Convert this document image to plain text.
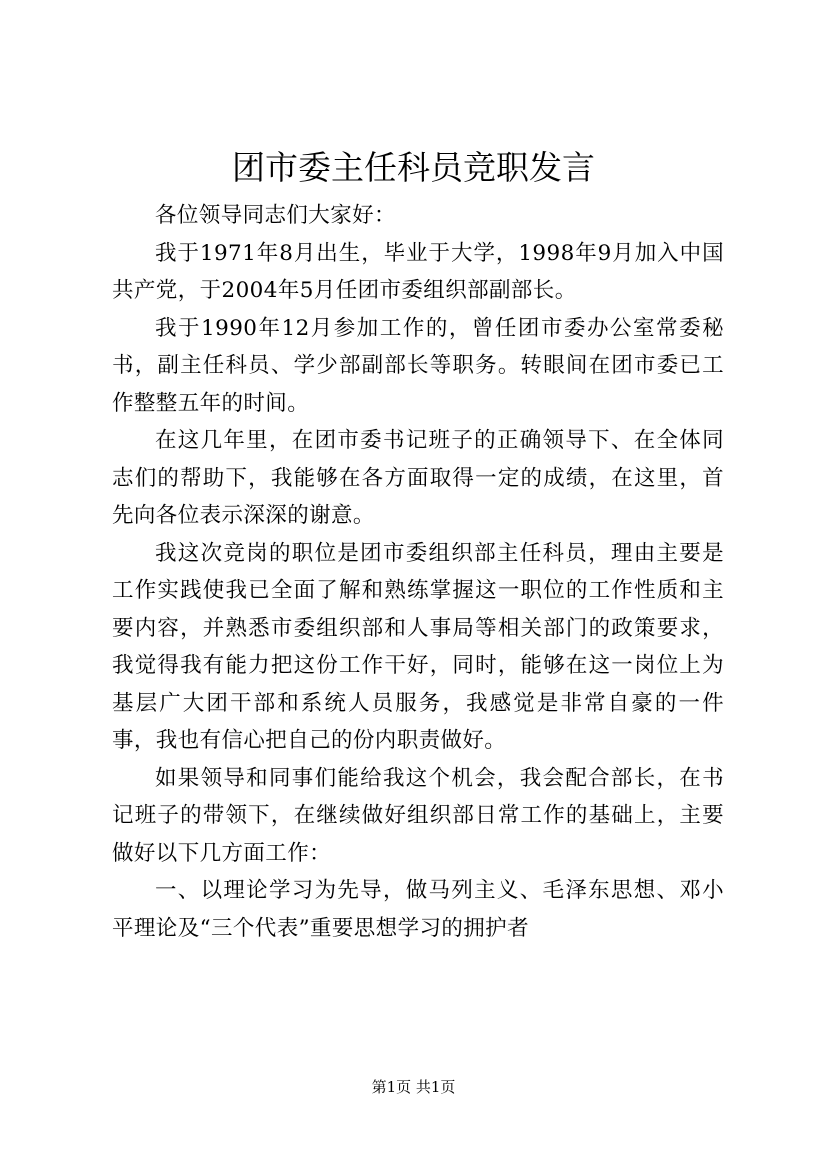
团市委主任科员竞职发言

各位领导同志们大家好：

我于1971年8月出生，毕业于大学，1998年9月加入中国共产党，于2004年5月任团市委组织部副部长。

我于1990年12月参加工作的，曾任团市委办公室常委秘书，副主任科员、学少部副部长等职务。转眼间在团市委已工作整整五年的时间。

在这几年里，在团市委书记班子的正确领导下、在全体同志们的帮助下，我能够在各方面取得一定的成绩，在这里，首先向各位表示深深的谢意。

我这次竞岗的职位是团市委组织部主任科员，理由主要是工作实践使我已全面了解和熟练掌握这一职位的工作性质和主要内容，并熟悉市委组织部和人事局等相关部门的政策要求，我觉得我有能力把这份工作干好，同时，能够在这一岗位上为基层广大团干部和系统人员服务，我感觉是非常自豪的一件事，我也有信心把自己的份内职责做好。

如果领导和同事们能给我这个机会，我会配合部长，在书记班子的带领下，在继续做好组织部日常工作的基础上，主要做好以下几方面工作：

一、以理论学习为先导，做马列主义、毛泽东思想、邓小平理论及“三个代表”重要思想学习的拥护者

第1页 共1页
